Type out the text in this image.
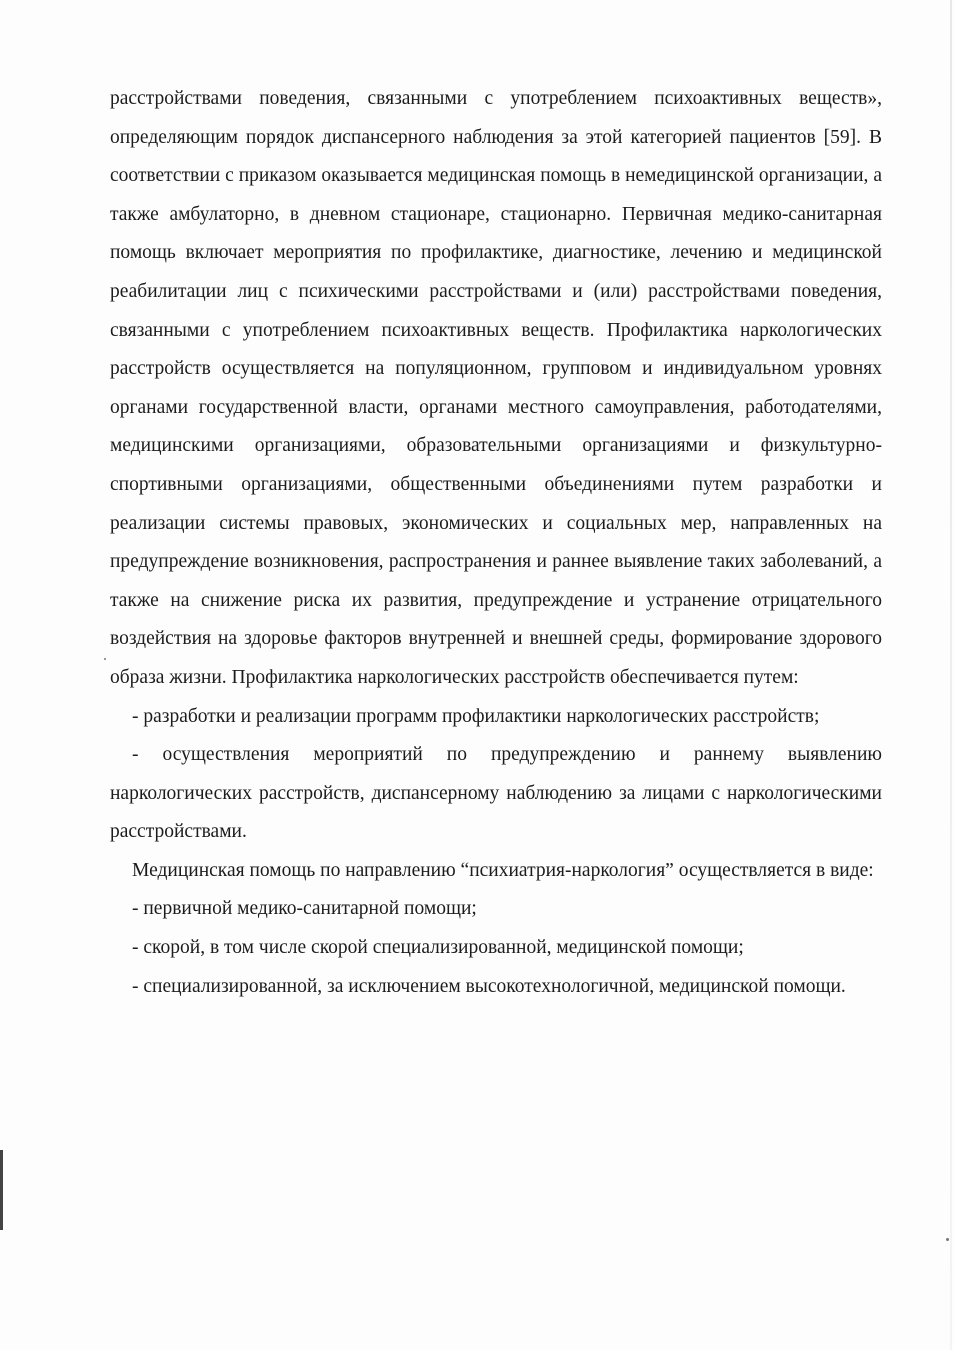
расстройствами поведения, связанными с употреблением психоактивных веществ», определяющим порядок диспансерного наблюдения за этой категорией пациентов [59]. В соответствии с приказом оказывается медицинская помощь в немедицинской организации, а также амбулаторно, в дневном стационаре, стационарно. Первичная медико-санитарная помощь включает мероприятия по профилактике, диагностике, лечению и медицинской реабилитации лиц с психическими расстройствами и (или) расстройствами поведения, связанными с употреблением психоактивных веществ. Профилактика наркологических расстройств осуществляется на популяционном, групповом и индивидуальном уровнях органами государственной власти, органами местного самоуправления, работодателями, медицинскими организациями, образовательными организациями и физкультурно-спортивными организациями, общественными объединениями путем разработки и реализации системы правовых, экономических и социальных мер, направленных на предупреждение возникновения, распространения и раннее выявление таких заболеваний, а также на снижение риска их развития, предупреждение и устранение отрицательного воздействия на здоровье факторов внутренней и внешней среды, формирование здорового образа жизни. Профилактика наркологических расстройств обеспечивается путем:

- разработки и реализации программ профилактики наркологических расстройств;

- осуществления мероприятий по предупреждению и раннему выявлению наркологических расстройств, диспансерному наблюдению за лицами с наркологическими расстройствами.

Медицинская помощь по направлению “психиатрия-наркология” осуществляется в виде:

- первичной медико-санитарной помощи;

- скорой, в том числе скорой специализированной, медицинской помощи;

- специализированной, за исключением высокотехнологичной, медицинской помощи.
